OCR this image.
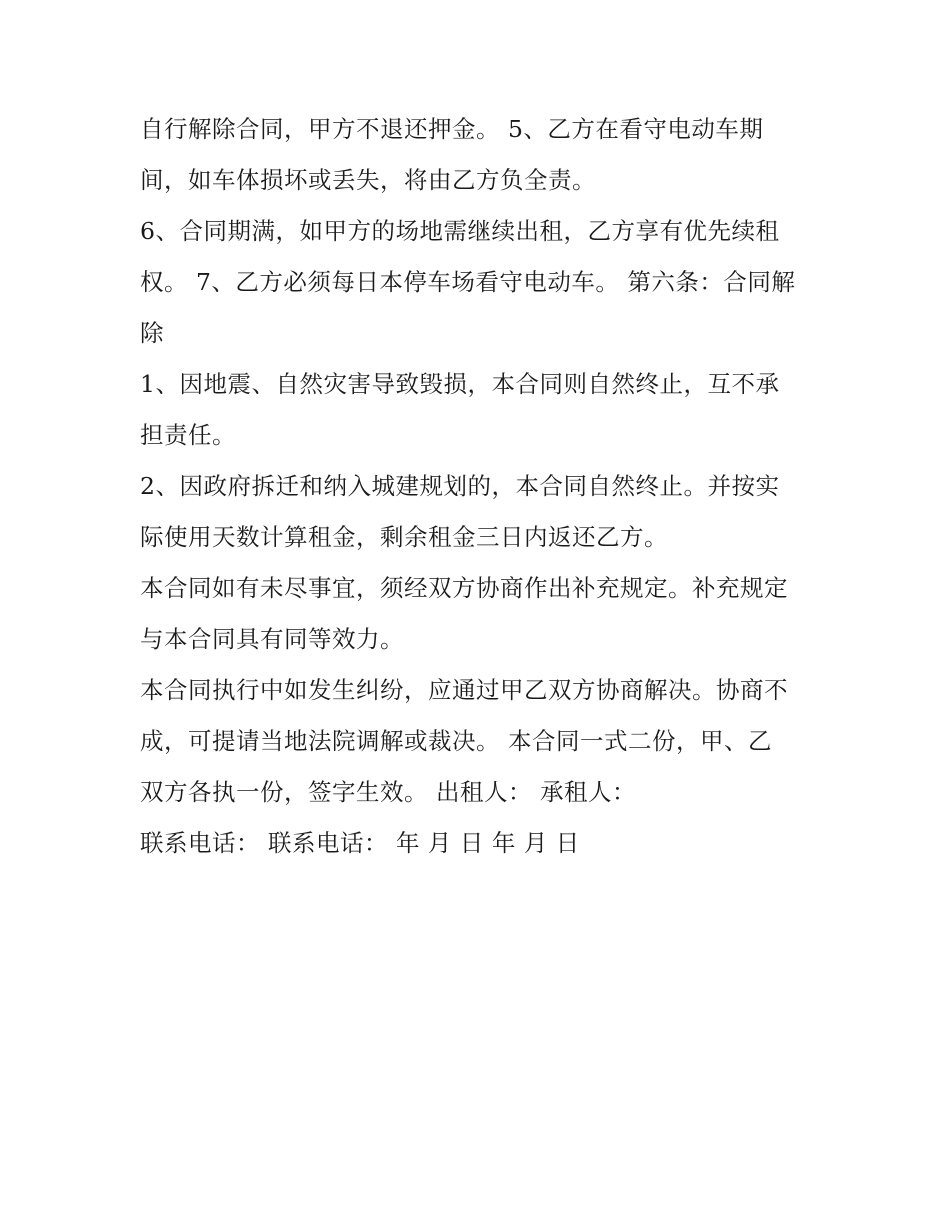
自行解除合同，甲方不退还押金。 5、乙方在看守电动车期

间，如车体损坏或丢失，将由乙方负全责。

6、合同期满，如甲方的场地需继续出租，乙方享有优先续租

权。 7、乙方必须每日本停车场看守电动车。 第六条：合同解

除

1、因地震、自然灾害导致毁损，本合同则自然终止，互不承

担责任。

2、因政府拆迁和纳入城建规划的，本合同自然终止。并按实

际使用天数计算租金，剩余租金三日内返还乙方。

本合同如有未尽事宜，须经双方协商作出补充规定。补充规定

与本合同具有同等效力。

本合同执行中如发生纠纷，应通过甲乙双方协商解决。协商不

成，可提请当地法院调解或裁决。 本合同一式二份，甲、乙

双方各执一份，签字生效。 出租人： 承租人：

联系电话： 联系电话： 年 月 日 年 月 日
